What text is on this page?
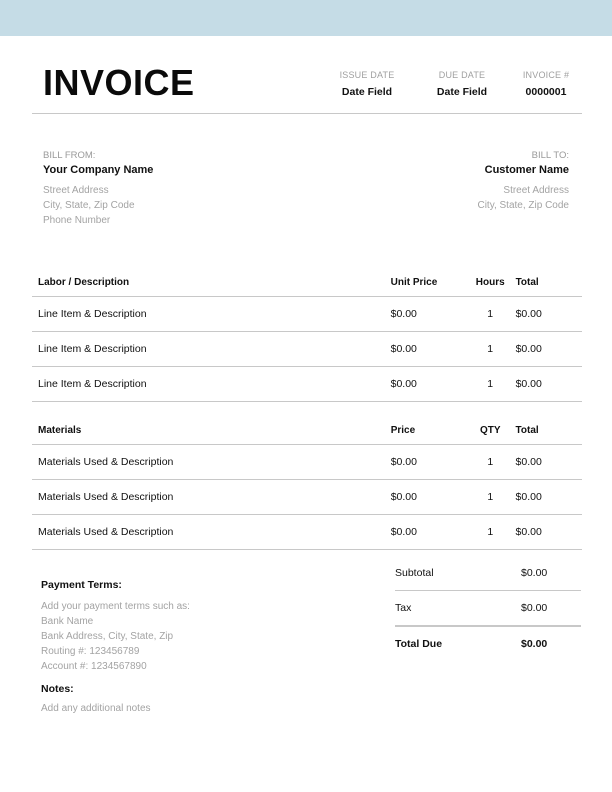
INVOICE	ISSUE DATE
Date Field
DUE DATE
Date Field
INVOICE #
0000001
BILL FROM:
Your Company Name
Street Address
City, State, Zip Code
Phone Number
BILL TO:
Customer Name
Street Address
City, State, Zip Code
Labor / Description	Unit Price	Hours	Total
Line Item & Description	$0.00	1	$0.00
Line Item & Description	$0.00	1	$0.00
Line Item & Description	$0.00	1	$0.00
Materials	Price	QTY	Total
Materials Used & Description	$0.00	1	$0.00
Materials Used & Description	$0.00	1	$0.00
Materials Used & Description	$0.00	1	$0.00
Subtotal	$0.00
Tax	$0.00
Total Due	$0.00
Payment Terms:
Add your payment terms such as:
Bank Name
Bank Address, City, State, Zip
Routing #: 123456789
Account #: 1234567890
Notes:
Add any additional notes
